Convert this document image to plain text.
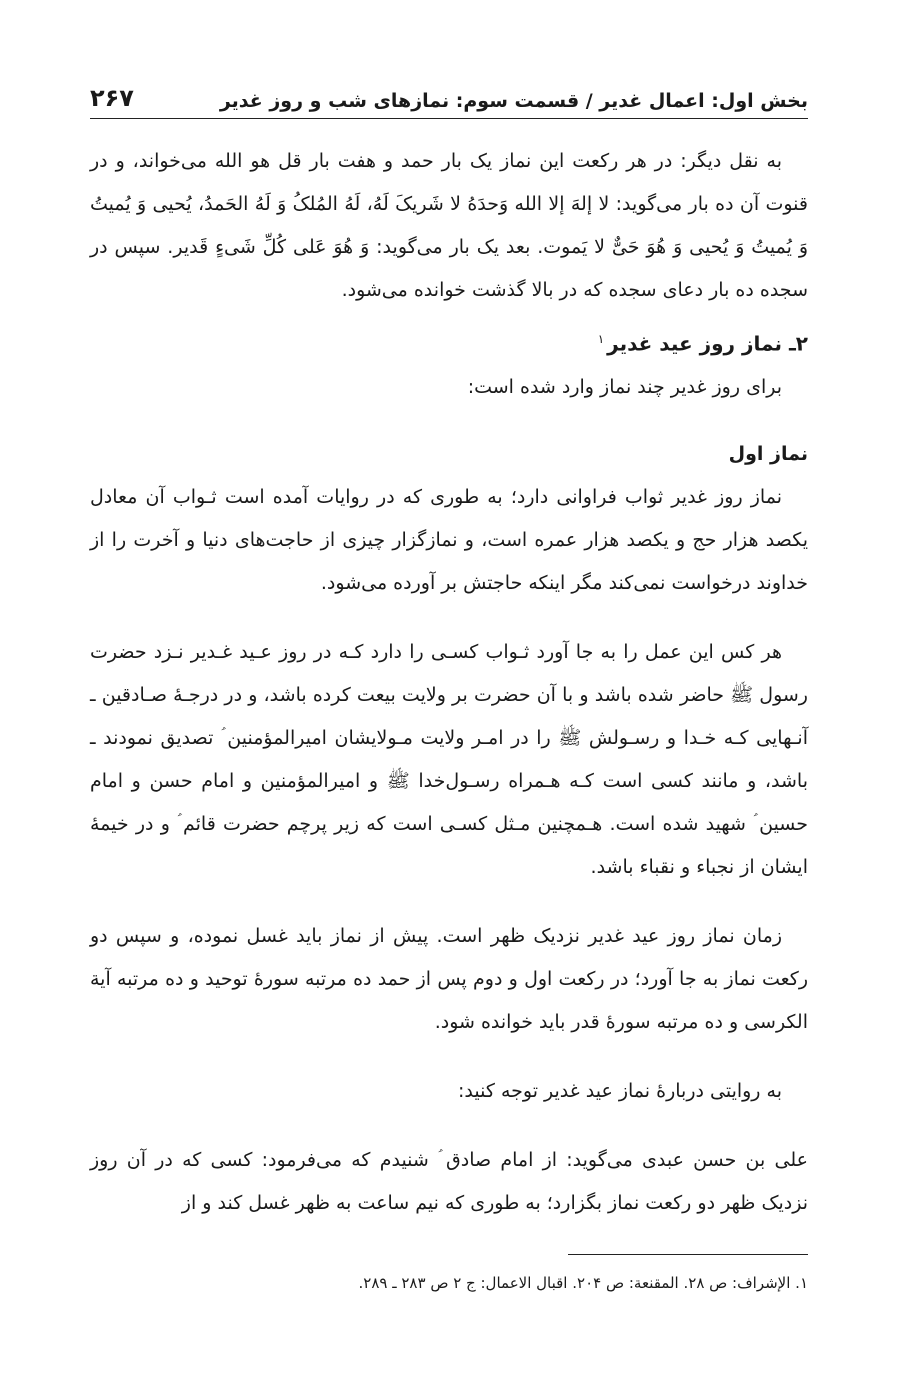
بخش اول: اعمال غدیر / قسمت سوم: نمازهای شب و روز غدیر
۲۶۷

به نقل دیگر: در هر رکعت این نماز یک بار حمد و هفت بار قل هو الله می‌خواند، و در قنوت آن ده بار می‌گوید: لا إلهَ إلا الله وَحدَهُ لا شَریکَ لَهُ، لَهُ المُلکُ وَ لَهُ الحَمدُ، یُحیی وَ یُمیتُ وَ یُمیتُ وَ یُحیی وَ هُوَ حَیٌّ لا یَموت. بعد یک بار می‌گوید: وَ هُوَ عَلی کُلِّ شَیءٍ قَدیر. سپس در سجده ده بار دعای سجده که در بالا گذشت خوانده می‌شود.

۲ـ نماز روز عید غدیر$^۱$

برای روز غدیر چند نماز وارد شده است:

نماز اول

نماز روز غدیر ثواب فراوانی دارد؛ به طوری که در روایات آمده است ثـواب آن معادل یکصد هزار حج و یکصد هزار عمره است، و نمازگزار چیزی از حاجت‌های دنیا و آخرت را از خداوند درخواست نمی‌کند مگر اینکه حاجتش بر آورده می‌شود.

هر کس این عمل را به جا آورد ثـواب کسـی را دارد کـه در روز عـید غـدیر نـزد حضرت رسول ﷺ حاضر شده باشد و با آن حضرت بر ولایت بیعت کرده باشد، و در درجـۀ صـادقین ـ آنـهایی کـه خـدا و رسـولش ﷺ را در امـر ولایت مـولایشان امیرالمؤمنین ؑ تصدیق نمودند ـ باشد، و مانند کسی است کـه هـمراه رسـول‌خدا ﷺ و امیرالمؤمنین و امام حسن و امام حسین ؑ شهید شده است. هـمچنین مـثل کسـی است که زیر پرچم حضرت قائم ؑ و در خیمۀ ایشان از نجباء و نقباء باشد.

زمان نماز روز عید غدیر نزدیک ظهر است. پیش از نماز باید غسل نموده، و سپس دو رکعت نماز به جا آورد؛ در رکعت اول و دوم پس از حمد ده مرتبه سورۀ توحید و ده مرتبه آیة الکرسی و ده مرتبه سورۀ قدر باید خوانده شود.

به روایتی دربارۀ نماز عید غدیر توجه کنید:

علی بن حسن عبدی می‌گوید: از امام صادق ؑ شنیدم که می‌فرمود: کسی که در آن روز نزدیک ظهر دو رکعت نماز بگزارد؛ به طوری که نیم ساعت به ظهر غسل کند و از

۱. الإشراف: ص ۲۸. المقنعة: ص ۲۰۴. اقبال الاعمال: ج ۲ ص ۲۸۳ ـ ۲۸۹.
